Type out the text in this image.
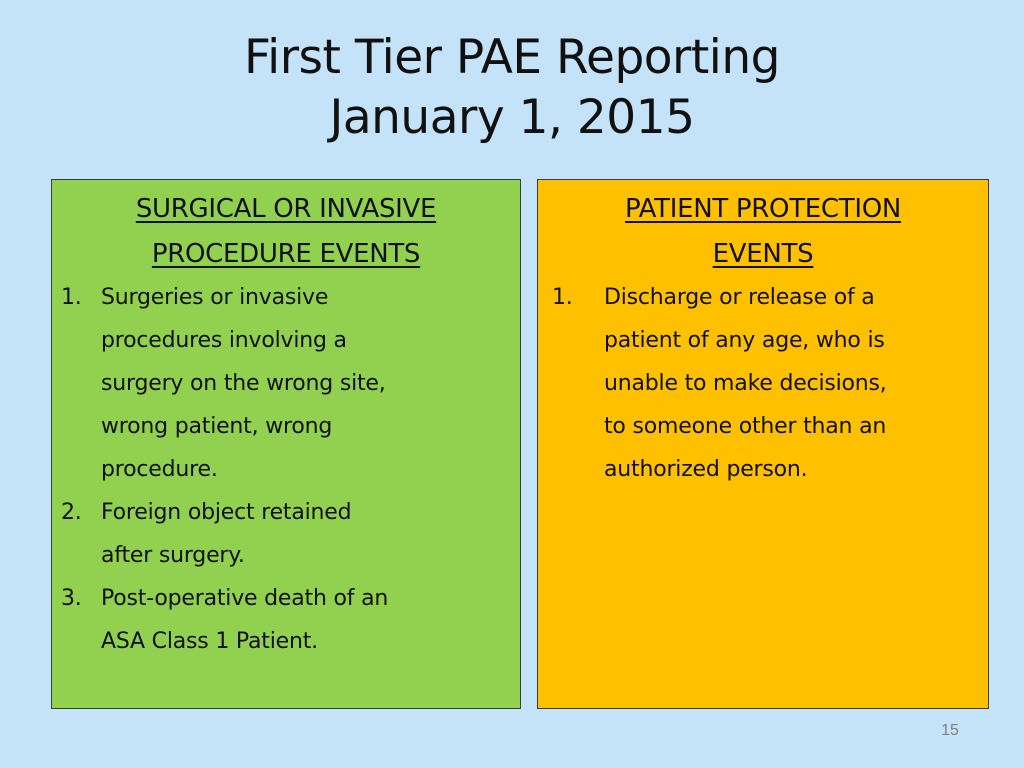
First Tier PAE Reporting
January 1, 2015
SURGICAL OR INVASIVE
PROCEDURE EVENTS
1. Surgeries or invasive
procedures involving a
surgery on the wrong site,
wrong patient, wrong
procedure.
2. Foreign object retained
after surgery.
3. Post-operative death of an
ASA Class 1 Patient.
PATIENT PROTECTION
EVENTS
1. Discharge or release of a
patient of any age, who is
unable to make decisions,
to someone other than an
authorized person.
15
